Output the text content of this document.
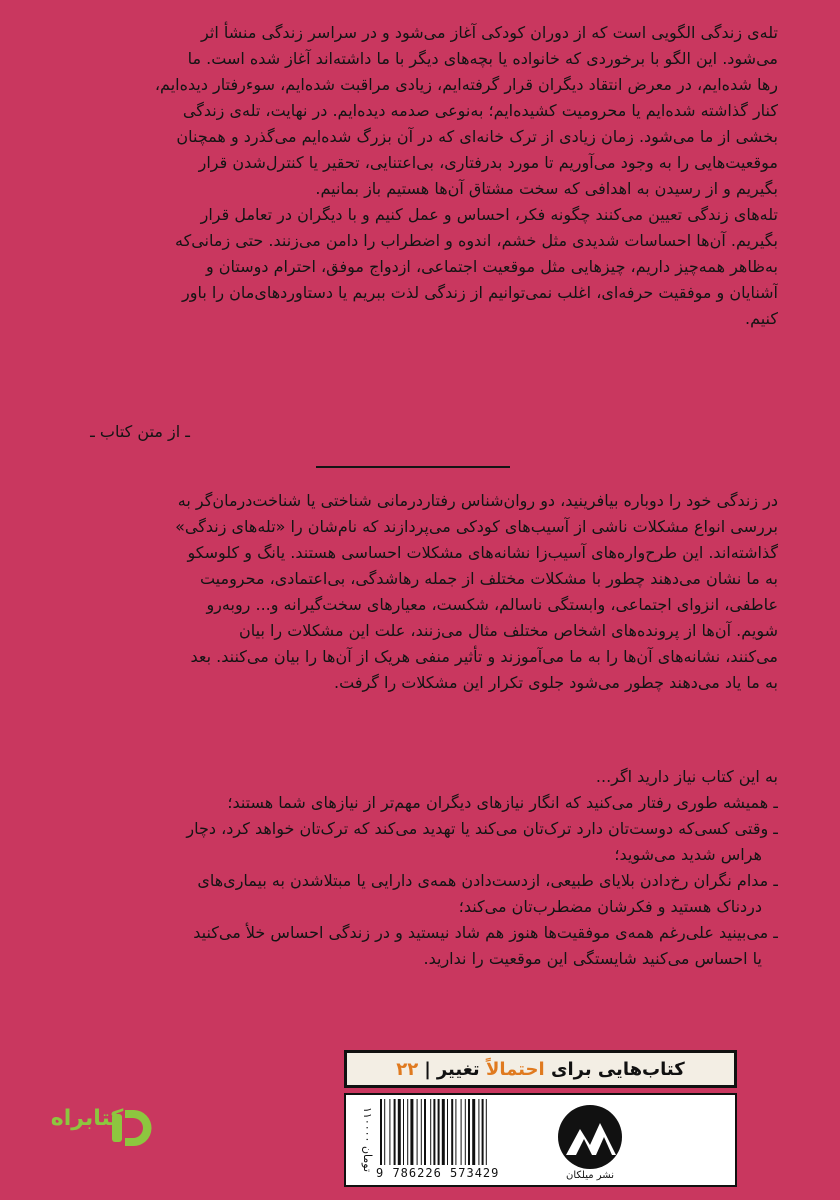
تله‌ی زندگی الگویی است که از دوران کودکی آغاز می‌شود و در سراسر زندگی منشأ اثر
می‌شود. این الگو با برخوردی که خانواده یا بچه‌های دیگر با ما داشته‌اند آغاز شده است. ما
رها شده‌ایم، در معرض انتقاد دیگران قرار گرفته‌ایم، زیادی مراقبت شده‌ایم، سوء‌رفتار دیده‌ایم،
کنار گذاشته شده‌ایم یا محرومیت کشیده‌ایم؛ به‌نوعی صدمه دیده‌ایم. در نهایت، تله‌ی زندگی
بخشی از ما می‌شود. زمان زیادی از ترک خانه‌ای که در آن بزرگ شده‌ایم می‌گذرد و همچنان
موقعیت‌هایی را به وجود می‌آوریم تا مورد بدرفتاری، بی‌اعتنایی، تحقیر یا کنترل‌شدن قرار
بگیریم و از رسیدن به اهدافی که سخت مشتاق آن‌ها هستیم باز بمانیم.
تله‌های زندگی تعیین می‌کنند چگونه فکر، احساس و عمل کنیم و با دیگران در تعامل قرار
بگیریم. آن‌ها احساسات شدیدی مثل خشم، اندوه و اضطراب را دامن می‌زنند. حتی زمانی‌که
به‌ظاهر همه‌چیز داریم، چیزهایی مثل موقعیت اجتماعی، ازدواج موفق، احترام دوستان و
آشنایان و موفقیت حرفه‌ای، اغلب نمی‌توانیم از زندگی لذت ببریم یا دستاوردهای‌مان را باور
کنیم.
ـ از متن کتاب ـ
در زندگی خود را دوباره بیافرینید، دو روان‌شناس رفتاردرمانی شناختی یا شناخت‌درمان‌گر به
بررسی انواع مشکلات ناشی از آسیب‌های کودکی می‌پردازند که نام‌شان را «تله‌های زندگی»
گذاشته‌اند. این طرح‌واره‌های آسیب‌زا نشانه‌های مشکلات احساسی هستند. یانگ و کلوسکو
به ما نشان می‌دهند چطور با مشکلات مختلف از جمله رهاشدگی، بی‌اعتمادی، محرومیت
عاطفی، انزوای اجتماعی، وابستگی ناسالم، شکست، معیارهای سخت‌گیرانه و... روبه‌رو
شویم. آن‌ها از پرونده‌های اشخاص مختلف مثال می‌زنند، علت این مشکلات را بیان
می‌کنند، نشانه‌های آن‌ها را به ما می‌آموزند و تأثیر منفی هریک از آن‌ها را بیان می‌کنند. بعد
به ما یاد می‌دهند چطور می‌شود جلوی تکرار این مشکلات را گرفت.
به این کتاب نیاز دارید اگر...
ـ همیشه طوری رفتار می‌کنید که انگار نیازهای دیگران مهم‌تر از نیازهای شما هستند؛
ـ وقتی کسی‌که دوست‌تان دارد ترک‌تان می‌کند یا تهدید می‌کند که ترک‌تان خواهد کرد، دچار
هراس شدید می‌شوید؛
ـ مدام نگران رخ‌دادن بلایای طبیعی، ازدست‌دادن همه‌ی دارایی یا مبتلاشدن به بیماری‌های
دردناک هستید و فکرشان مضطرب‌تان می‌کند؛
ـ می‌بینید علی‌رغم همه‌ی موفقیت‌ها هنوز هم شاد نیستید و در زندگی احساس خلأ می‌کنید
یا احساس می‌کنید شایستگی این موقعیت را ندارید.
کتاب‌هایی برای

احتمالاً

تغییر
|
۲۲
۱۱۰۰۰۰ تومان
9 786226 573429	نشر میلکان
کتابراه
